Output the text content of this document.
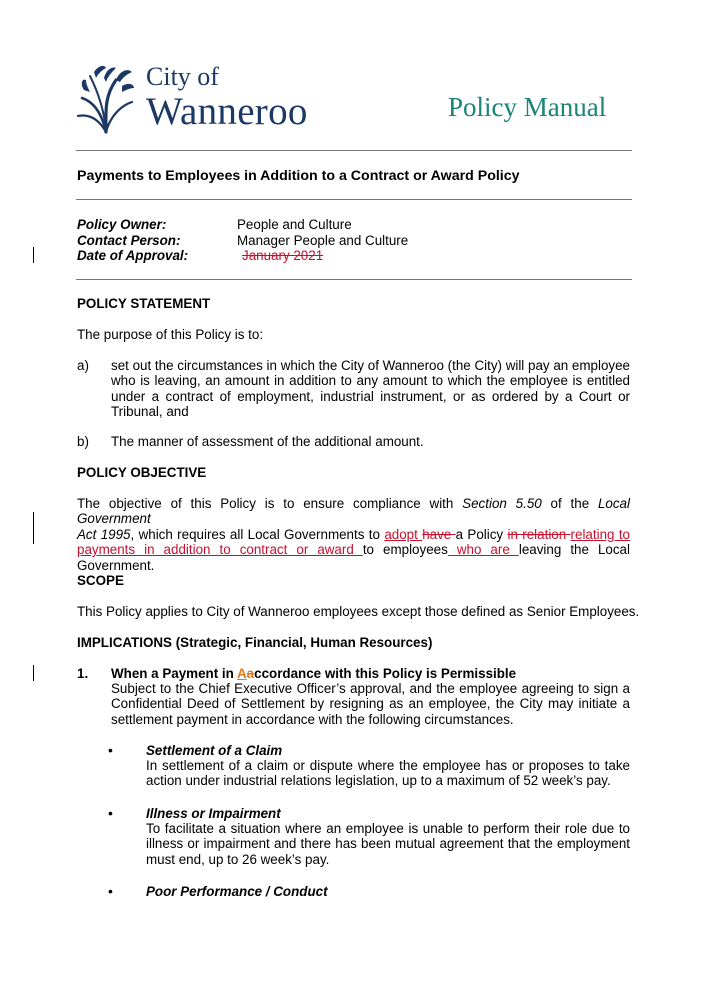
City of
Wanneroo	Policy Manual
Payments to Employees in Addition to a Contract or Award Policy
Policy Owner:	People and Culture
Contact Person:	Manager People and Culture
Date of Approval:	January 2021
POLICY STATEMENT
The purpose of this Policy is to:
a) set out the circumstances in which the City of Wanneroo (the City) will pay an employee
who is leaving, an amount in addition to any amount to which the employee is entitled
under a contract of employment, industrial instrument, or as ordered by a Court or
Tribunal, and
b) The manner of assessment of the additional amount.
POLICY OBJECTIVE
The objective of this Policy is to ensure compliance with Section 5.50 of the Local Government
Act 1995, which requires all Local Governments to adopt have a Policy in relation relating to
payments in addition to contract or award to employees who are leaving the Local
Government.
SCOPE
This Policy applies to City of Wanneroo employees except those defined as Senior Employees.
IMPLICATIONS (Strategic, Financial, Human Resources)
1. When a Payment in Aaccordance with this Policy is Permissible
Subject to the Chief Executive Officer’s approval, and the employee agreeing to sign a
Confidential Deed of Settlement by resigning as an employee, the City may initiate a
settlement payment in accordance with the following circumstances.
• Settlement of a Claim
In settlement of a claim or dispute where the employee has or proposes to take
action under industrial relations legislation, up to a maximum of 52 week’s pay.
• Illness or Impairment
To facilitate a situation where an employee is unable to perform their role due to
illness or impairment and there has been mutual agreement that the employment
must end, up to 26 week’s pay.
• Poor Performance / Conduct
